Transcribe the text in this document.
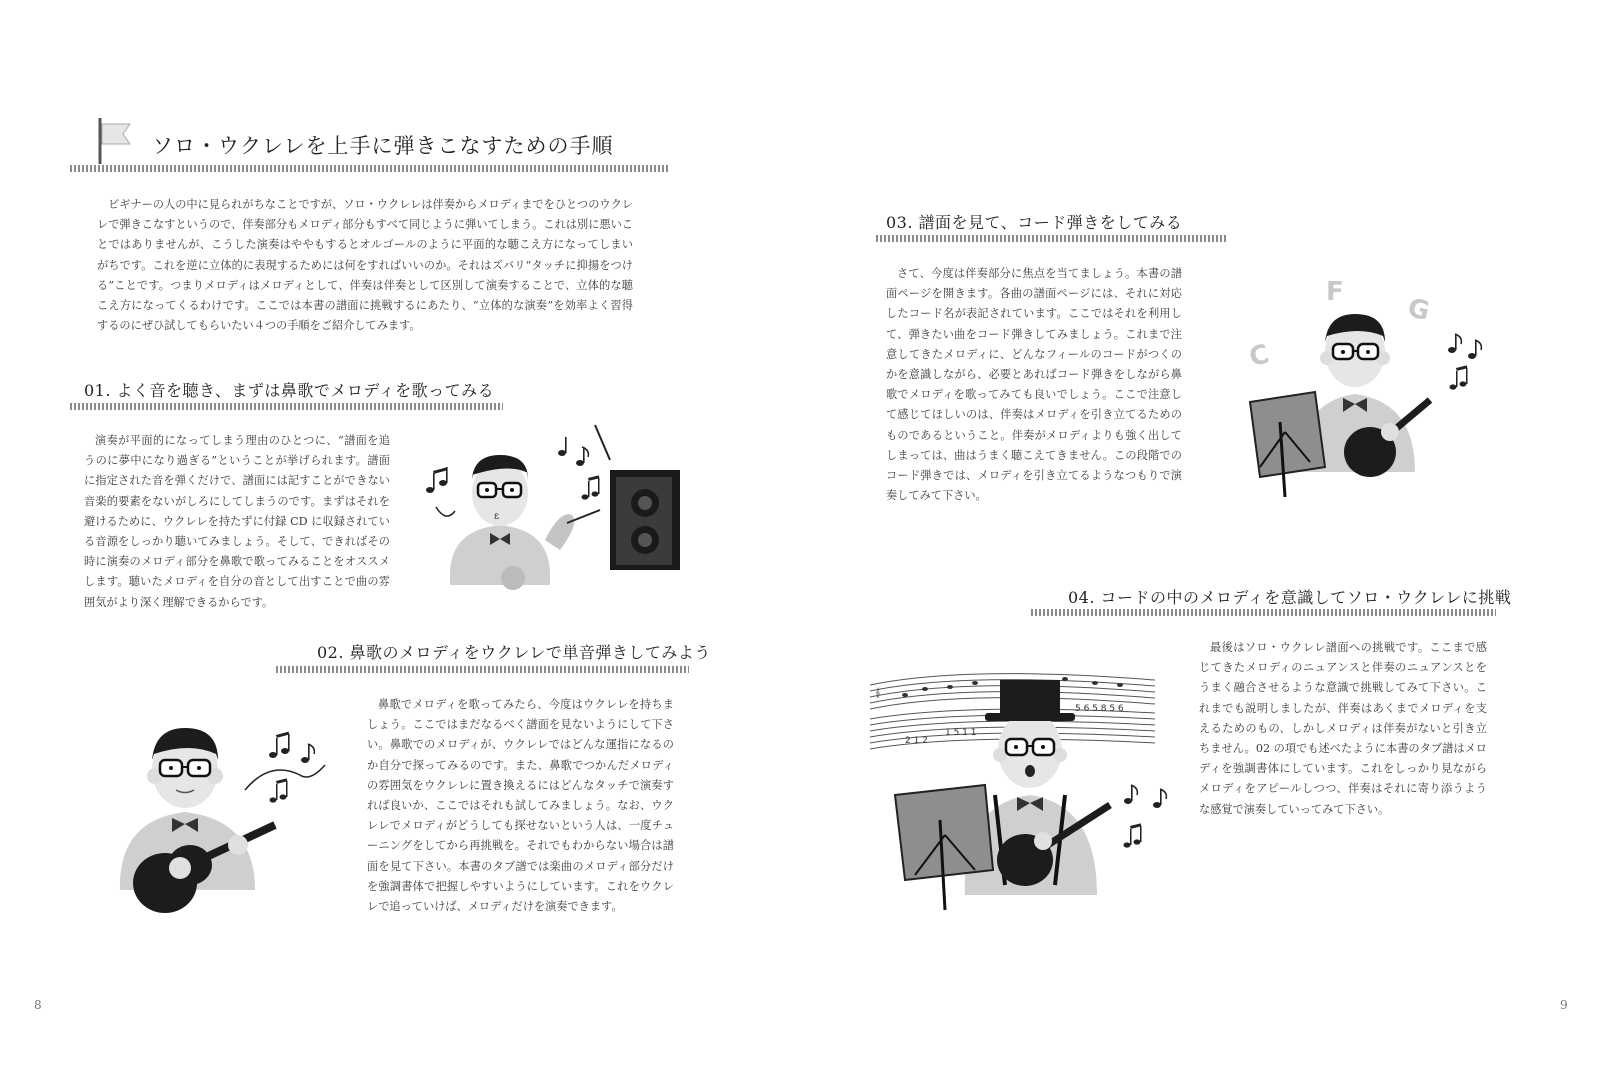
ソロ・ウクレレを上手に弾きこなすための手順

ビギナーの人の中に見られがちなことですが、ソロ・ウクレレは伴奏からメロディまでをひとつのウクレレで弾きこなすというので、伴奏部分もメロディ部分もすべて同じように弾いてしまう。これは別に悪いことではありませんが、こうした演奏はややもするとオルゴールのように平面的な聴こえ方になってしまいがちです。これを逆に立体的に表現するためには何をすればいいのか。それはズバリ“タッチに抑揚をつける”ことです。つまりメロディはメロディとして、伴奏は伴奏として区別して演奏することで、立体的な聴こえ方になってくるわけです。ここでは本書の譜面に挑戦するにあたり、“立体的な演奏”を効率よく習得するのにぜひ試してもらいたい４つの手順をご紹介してみます。

01. よく音を聴き、まずは鼻歌でメロディを歌ってみる

演奏が平面的になってしまう理由のひとつに、“譜面を追うのに夢中になり過ぎる”ということが挙げられます。譜面に指定された音を弾くだけで、譜面には記すことができない音楽的要素をないがしろにしてしまうのです。まずはそれを避けるために、ウクレレを持たずに付録 CD に収録されている音源をしっかり聴いてみましょう。そして、できればその時に演奏のメロディ部分を鼻歌で歌ってみることをオススメします。聴いたメロディを自分の音として出すことで曲の雰囲気がより深く理解できるからです。

ε
02. 鼻歌のメロディをウクレレで単音弾きしてみよう

鼻歌でメロディを歌ってみたら、今度はウクレレを持ちましょう。ここではまだなるべく譜面を見ないようにして下さい。鼻歌でのメロディが、ウクレレではどんな運指になるのか自分で探ってみるのです。また、鼻歌でつかんだメロディの雰囲気をウクレレに置き換えるにはどんなタッチで演奏すれば良いか、ここではそれも試してみましょう。なお、ウクレレでメロディがどうしても探せないという人は、一度チューニングをしてから再挑戦を。それでもわからない場合は譜面を見て下さい。本書のタブ譜では楽曲のメロディ部分だけを強調書体で把握しやすいようにしています。これをウクレレで追っていけば、メロディだけを演奏できます。

8
03. 譜面を見て、コード弾きをしてみる

さて、今度は伴奏部分に焦点を当てましょう。本書の譜面ページを開きます。各曲の譜面ページには、それに対応したコード名が表記されています。ここではそれを利用して、弾きたい曲をコード弾きしてみましょう。これまで注意してきたメロディに、どんなフィールのコードがつくのかを意識しながら、必要とあればコード弾きをしながら鼻歌でメロディを歌ってみても良いでしょう。ここで注意して感じてほしいのは、伴奏はメロディを引き立てるためのものであるということ。伴奏がメロディよりも強く出してしまっては、曲はうまく聴こえてきません。この段階でのコード弾きでは、メロディを引き立てるようなつもりで演奏してみて下さい。

C
F
G
04. コードの中のメロディを意識してソロ・ウクレレに挑戦

最後はソロ・ウクレレ譜面への挑戦です。ここまで感じてきたメロディのニュアンスと伴奏のニュアンスとをうまく融合させるような意識で挑戦してみて下さい。これまでも説明しましたが、伴奏はあくまでメロディを支えるためのもの、しかしメロディは伴奏がないと引き立ちません。02 の項でも述べたように本書のタブ譜はメロディを強調書体にしています。これをしっかり見ながらメロディをアピールしつつ、伴奏はそれに寄り添うような感覚で演奏していってみて下さい。

2 1 2
1 5 1 1
5 6 5 8 5 6
𝄞
9
